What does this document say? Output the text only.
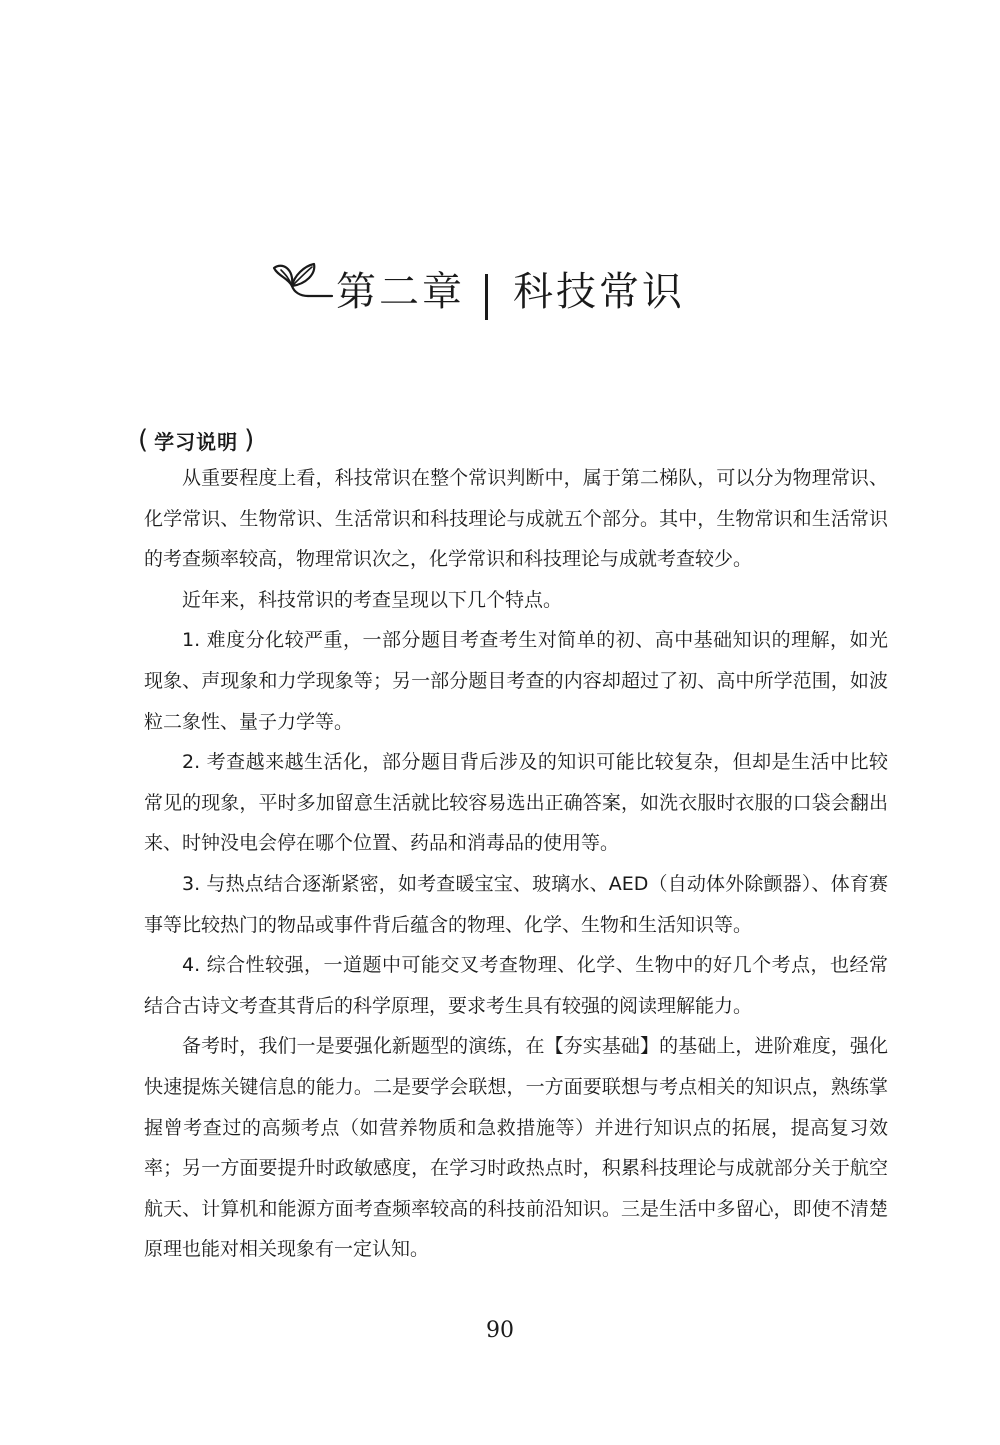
第二章 科技常识
( 学习说明 )

从重要程度上看，科技常识在整个常识判断中，属于第二梯队，可以分为物理常识、化学常识、生物常识、生活常识和科技理论与成就五个部分。其中，生物常识和生活常识的考查频率较高，物理常识次之，化学常识和科技理论与成就考查较少。

近年来，科技常识的考查呈现以下几个特点。

1. 难度分化较严重，一部分题目考查考生对简单的初、高中基础知识的理解，如光现象、声现象和力学现象等；另一部分题目考查的内容却超过了初、高中所学范围，如波粒二象性、量子力学等。

2. 考查越来越生活化，部分题目背后涉及的知识可能比较复杂，但却是生活中比较常见的现象，平时多加留意生活就比较容易选出正确答案，如洗衣服时衣服的口袋会翻出来、时钟没电会停在哪个位置、药品和消毒品的使用等。

3. 与热点结合逐渐紧密，如考查暖宝宝、玻璃水、AED（自动体外除颤器）、体育赛事等比较热门的物品或事件背后蕴含的物理、化学、生物和生活知识等。

4. 综合性较强，一道题中可能交叉考查物理、化学、生物中的好几个考点，也经常结合古诗文考查其背后的科学原理，要求考生具有较强的阅读理解能力。

备考时，我们一是要强化新题型的演练，在【夯实基础】的基础上，进阶难度，强化快速提炼关键信息的能力。二是要学会联想，一方面要联想与考点相关的知识点，熟练掌握曾考查过的高频考点（如营养物质和急救措施等）并进行知识点的拓展，提高复习效率；另一方面要提升时政敏感度，在学习时政热点时，积累科技理论与成就部分关于航空航天、计算机和能源方面考查频率较高的科技前沿知识。三是生活中多留心，即使不清楚原理也能对相关现象有一定认知。

90
